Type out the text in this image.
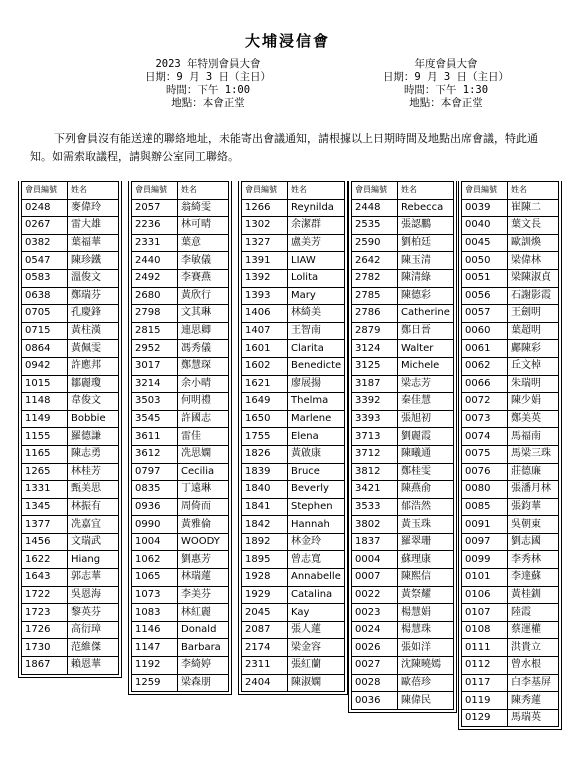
大埔浸信會
2023 年特別會員大會
日期：9 月 3 日（主日）
時間：下午 1:00
地點：本會正堂
年度會員大會
日期：9 月 3 日（主日）
時間：下午 1:30
地點：本會正堂
下列會員沒有能送達的聯絡地址，未能寄出會議通知，請根據以上日期時間及地點出席會議，特此通知。如需索取議程，請與辦公室同工聯絡。
會員編號	姓名
0248	麥偉玲
0267	雷大雄
0382	葉福華
0547	陳珍鐵
0583	溫俊文
0638	鄭瑞芬
0705	孔慶鋒
0715	黃柱漢
0864	黃佩雯
0942	許應邦
1015	鄒麗瓊
1148	韋俊文
1149	Bobbie
1155	羅德謙
1165	陳志勇
1265	林桂芳
1331	甄美思
1345	林振有
1377	冼嘉宜
1456	文瑞武
1622	Hiang
1643	郭志華
1722	吳恩海
1723	黎英芬
1726	高衍璋
1730	范維傑
1867	賴恩華
會員編號	姓名
2057	翁綺雯
2236	林可晴
2331	葉意
2440	李敏儀
2492	李賽燕
2680	黃欣行
2798	文其琳
2815	連思卿
2952	馮秀儀
3017	鄭慧琛
3214	余小晴
3503	何明禮
3545	許國志
3611	雷佳
3612	冼思嫻
0797	Cecilia
0835	丁遠琳
0936	周倚而
0990	黃雅倫
1004	WOODY
1062	劉惠芳
1065	林瑞蓮
1073	李美芬
1083	林紅麗
1146	Donald
1147	Barbara
1192	李綺婷
1259	梁森朋
會員編號	姓名
1266	Reynilda
1302	余潔群
1327	盧美芳
1391	LIAW
1392	Lolita
1393	Mary
1406	林綺美
1407	王智南
1601	Clarita
1602	Benedicte
1621	廖展揚
1649	Thelma
1650	Marlene
1755	Elena
1826	黃啟康
1839	Bruce
1840	Beverly
1841	Stephen
1842	Hannah
1892	林金玲
1895	曾志寬
1928	Annabelle
1929	Catalina
2045	Kay
2087	張人蓮
2174	梁金容
2311	張紅蘭
2404	陳淑嫻
會員編號	姓名
2448	Rebecca
2535	張認鵬
2590	劉柏廷
2642	陳玉清
2782	陳清綠
2785	陳德彩
2786	Catherine
2879	鄭日晉
3124	Walter
3125	Michele
3187	梁志芳
3392	秦佳慧
3393	張旭初
3713	劉麗霞
3712	陳曦通
3812	鄭桂雯
3421	陳燕俞
3533	郁浩然
3802	黃玉珠
1837	羅翠珊
0004	蘇理康
0007	陳熙信
0022	黃祭耀
0023	楊慧娟
0024	楊慧珠
0026	張如洋
0027	沈陳曉嫣
0028	歐蓓珍
0036	陳偉民
會員編號	姓名
0039	崔陳二
0040	葉文長
0045	歐訓煥
0050	梁偉林
0051	梁陳淑貞
0056	石謝影霞
0057	王劍明
0060	葉超明
0061	鄺陳彩
0062	丘文棹
0066	朱瑞明
0072	陳少娟
0073	鄭美英
0074	馬福南
0075	馬梁三珠
0076	莊德廉
0080	張潘月林
0085	張鈞華
0091	吳朝東
0097	劉志國
0099	李秀林
0101	李達蘇
0106	黃桂釧
0107	陸霞
0108	蔡運權
0111	洪貴立
0112	曾水根
0117	白李基屏
0119	陳秀蓮
0129	馬瑞英
